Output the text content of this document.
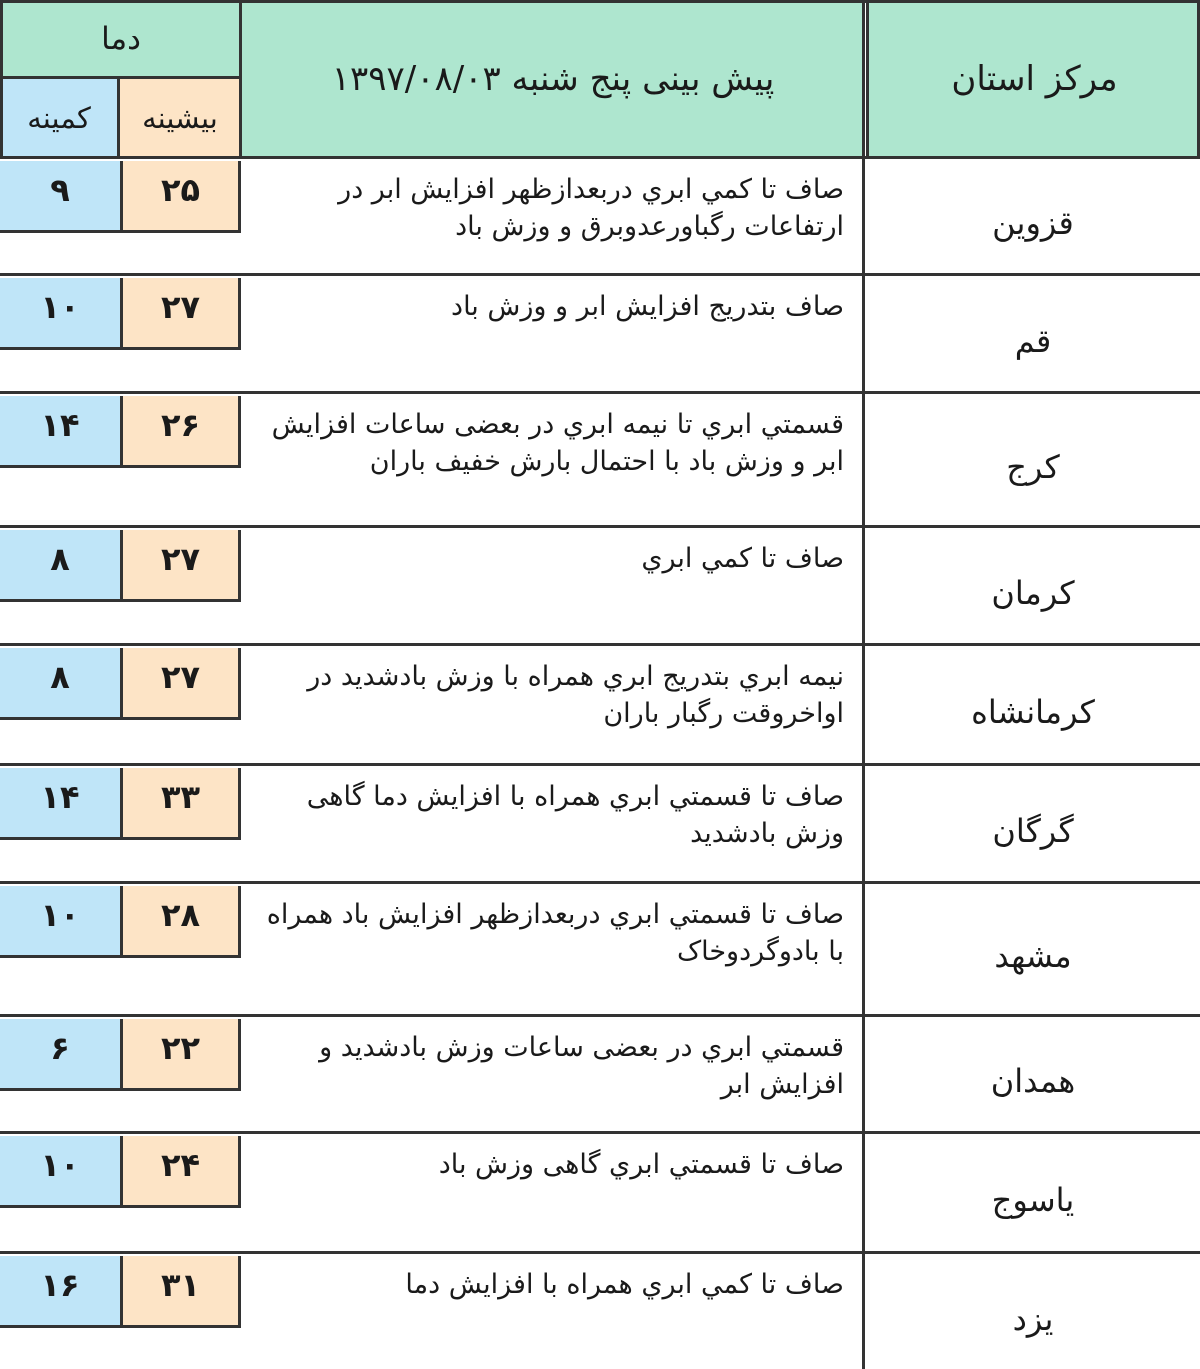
مرکز استان
پیش بینی پنج شنبه ۱۳۹۷/۰۸/۰۳
دما
بیشینه
کمینه
قزوین
صاف تا کمي ابري دربعدازظهر افزايش ابر در ارتفاعات رگباورعدوبرق و وزش باد
۲۵
۹
قم
صاف بتدريج افزايش ابر و وزش باد
۲۷
۱۰
کرج
قسمتي ابري تا نيمه ابري در بعضی ساعات افزايش ابر و وزش باد با احتمال بارش خفيف باران
۲۶
۱۴
کرمان
صاف تا کمي ابري
۲۷
۸
کرمانشاه
نيمه ابري بتدريج ابري همراه با وزش بادشديد در اواخروقت رگبار باران
۲۷
۸
گرگان
صاف تا قسمتي ابري همراه با افزايش دما گاهی وزش بادشديد
۳۳
۱۴
مشهد
صاف تا قسمتي ابري دربعدازظهر افزايش باد همراه با بادوگردوخاک
۲۸
۱۰
همدان
قسمتي ابري در بعضی ساعات وزش بادشديد و افزايش ابر
۲۲
۶
یاسوج
صاف تا قسمتي ابري گاهی وزش باد
۲۴
۱۰
یزد
صاف تا کمي ابري همراه با افزايش دما
۳۱
۱۶
